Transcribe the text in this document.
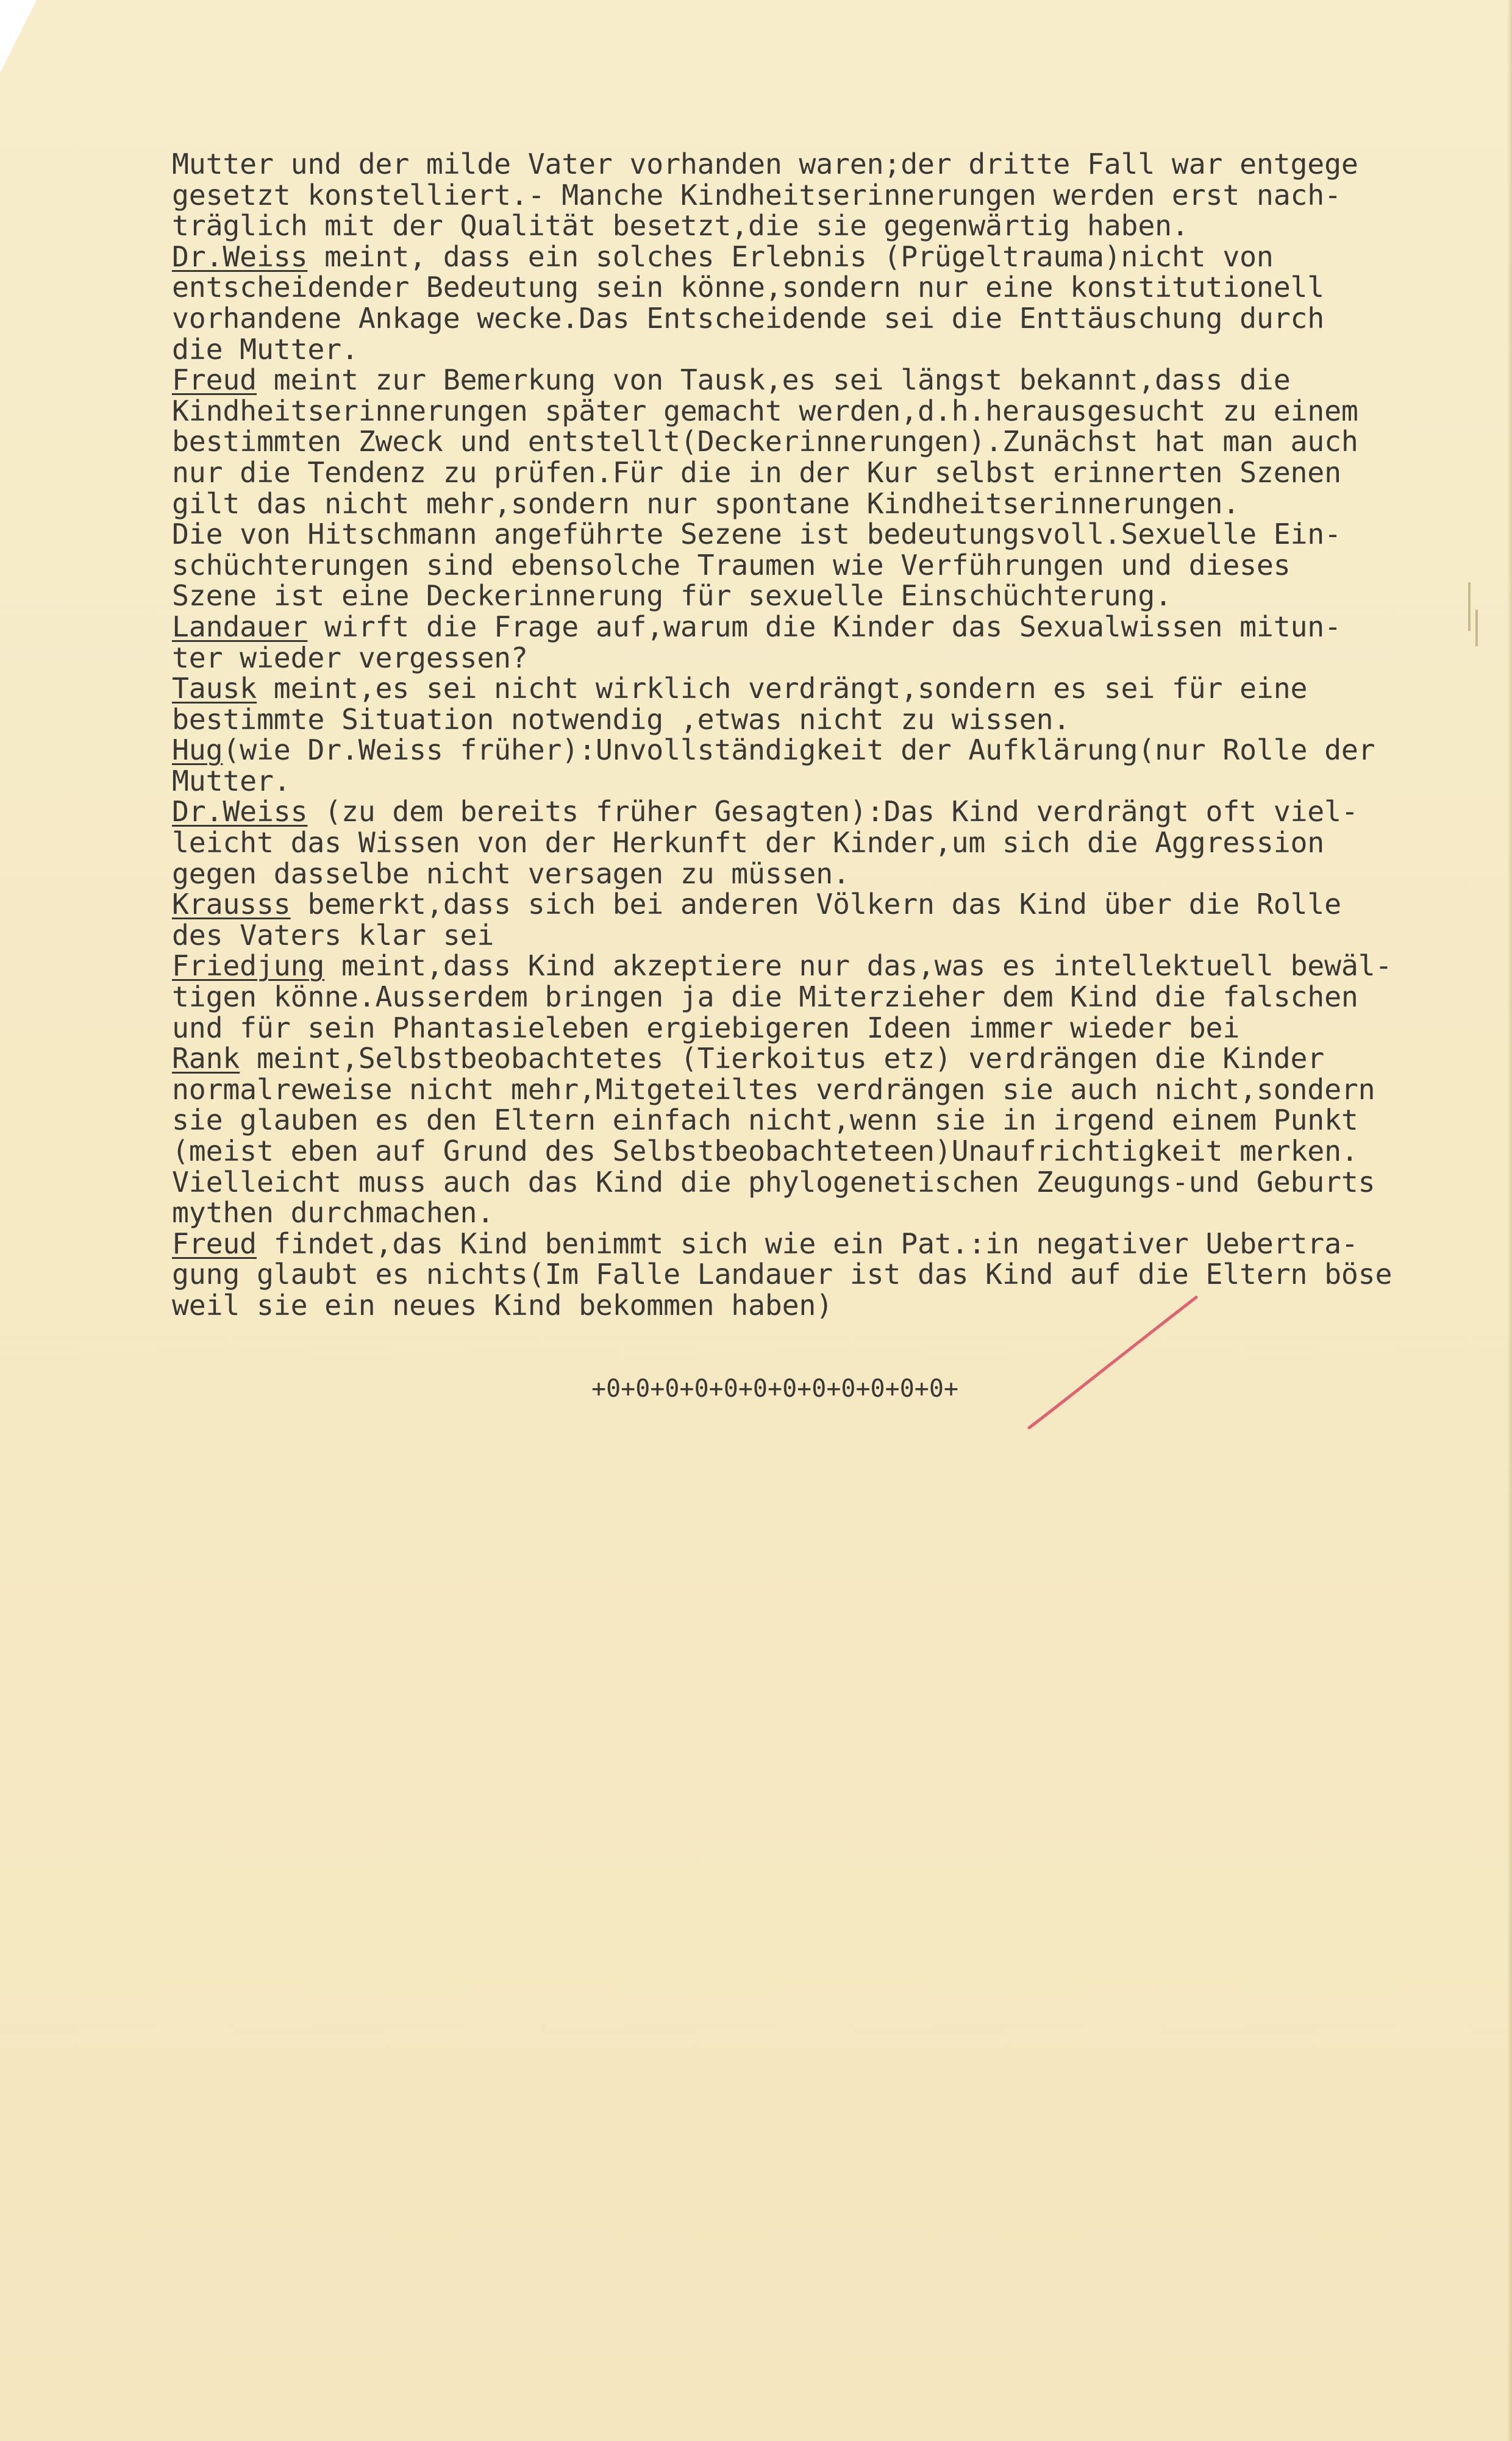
Mutter und der milde Vater vorhanden waren;der dritte Fall war entgege
gesetzt konstelliert.- Manche Kindheitserinnerungen werden erst nach-
träglich mit der Qualität besetzt,die sie gegenwärtig haben.
Dr.Weiss meint, dass ein solches Erlebnis (Prügeltrauma)nicht von
entscheidender Bedeutung sein könne,sondern nur eine konstitutionell
vorhandene Ankage wecke.Das Entscheidende sei die Enttäuschung durch
die Mutter.
Freud meint zur Bemerkung von Tausk,es sei längst bekannt,dass die
Kindheitserinnerungen später gemacht werden,d.h.herausgesucht zu einem
bestimmten Zweck und entstellt(Deckerinnerungen).Zunächst hat man auch
nur die Tendenz zu prüfen.Für die in der Kur selbst erinnerten Szenen
gilt das nicht mehr,sondern nur spontane Kindheitserinnerungen.
Die von Hitschmann angeführte Sezene ist bedeutungsvoll.Sexuelle Ein-
schüchterungen sind ebensolche Traumen wie Verführungen und dieses
Szene ist eine Deckerinnerung für sexuelle Einschüchterung.
Landauer wirft die Frage auf,warum die Kinder das Sexualwissen mitun-
ter wieder vergessen?
Tausk meint,es sei nicht wirklich verdrängt,sondern es sei für eine
bestimmte Situation notwendig ,etwas nicht zu wissen.
Hug(wie Dr.Weiss früher):Unvollständigkeit der Aufklärung(nur Rolle der
Mutter.
Dr.Weiss (zu dem bereits früher Gesagten):Das Kind verdrängt oft viel-
leicht das Wissen von der Herkunft der Kinder,um sich die Aggression
gegen dasselbe nicht versagen zu müssen.
Krausss bemerkt,dass sich bei anderen Völkern das Kind über die Rolle
des Vaters klar sei
Friedjung meint,dass Kind akzeptiere nur das,was es intellektuell bewäl-
tigen könne.Ausserdem bringen ja die Miterzieher dem Kind die falschen
und für sein Phantasieleben ergiebigeren Ideen immer wieder bei
Rank meint,Selbstbeobachtetes (Tierkoitus etz) verdrängen die Kinder
normalreweise nicht mehr,Mitgeteiltes verdrängen sie auch nicht,sondern
sie glauben es den Eltern einfach nicht,wenn sie in irgend einem Punkt
(meist eben auf Grund des Selbstbeobachteteen)Unaufrichtigkeit merken.
Vielleicht muss auch das Kind die phylogenetischen Zeugungs-und Geburts
mythen durchmachen.
Freud findet,das Kind benimmt sich wie ein Pat.:in negativer Uebertra-
gung glaubt es nichts(Im Falle Landauer ist das Kind auf die Eltern böse
weil sie ein neues Kind bekommen haben)
+0+0+0+0+0+0+0+0+0+0+0+0+
